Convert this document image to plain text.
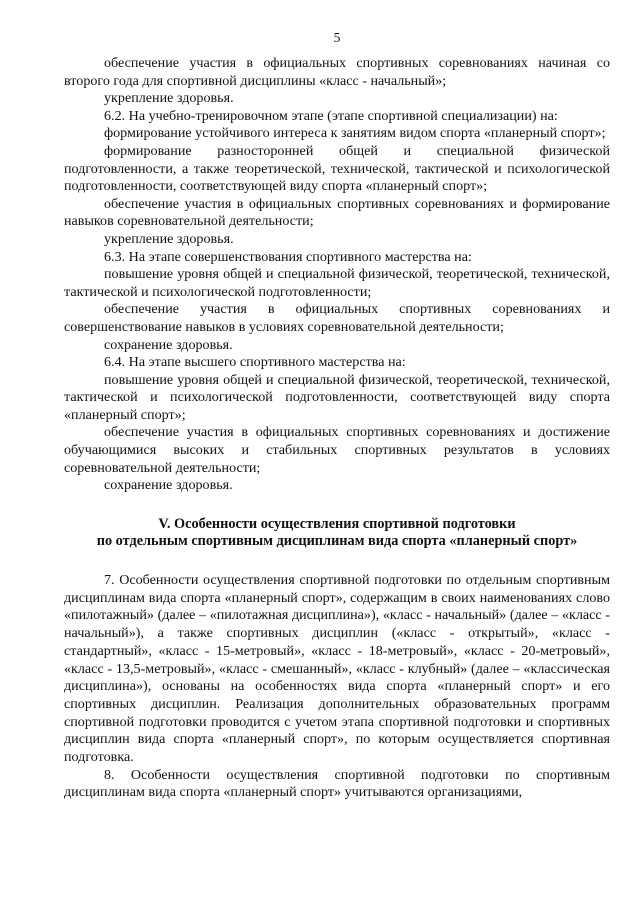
5

обеспечение участия в официальных спортивных соревнованиях начиная со второго года для спортивной дисциплины «класс - начальный»;

укрепление здоровья.

6.2. На учебно-тренировочном этапе (этапе спортивной специализации) на:

формирование устойчивого интереса к занятиям видом спорта «планерный спорт»;

формирование разносторонней общей и специальной физической подготовленности, а также теоретической, технической, тактической и психологической подготовленности, соответствующей виду спорта «планерный спорт»;

обеспечение участия в официальных спортивных соревнованиях и формирование навыков соревновательной деятельности;

укрепление здоровья.

6.3. На этапе совершенствования спортивного мастерства на:

повышение уровня общей и специальной физической, теоретической, технической, тактической и психологической подготовленности;

обеспечение участия в официальных спортивных соревнованиях и совершенствование навыков в условиях соревновательной деятельности;

сохранение здоровья.

6.4. На этапе высшего спортивного мастерства на:

повышение уровня общей и специальной физической, теоретической, технической, тактической и психологической подготовленности, соответствующей виду спорта «планерный спорт»;

обеспечение участия в официальных спортивных соревнованиях и достижение обучающимися высоких и стабильных спортивных результатов в условиях соревновательной деятельности;

сохранение здоровья.

V. Особенности осуществления спортивной подготовки
по отдельным спортивным дисциплинам вида спорта «планерный спорт»

7. Особенности осуществления спортивной подготовки по отдельным спортивным дисциплинам вида спорта «планерный спорт», содержащим в своих наименованиях слово «пилотажный» (далее – «пилотажная дисциплина»), «класс - начальный» (далее – «класс - начальный»), а также спортивных дисциплин («класс - открытый», «класс - стандартный», «класс - 15-метровый», «класс - 18-метровый», «класс - 20-метровый», «класс - 13,5-метровый», «класс - смешанный», «класс - клубный» (далее – «классическая дисциплина»), основаны на особенностях вида спорта «планерный спорт» и его спортивных дисциплин. Реализация дополнительных образовательных программ спортивной подготовки проводится с учетом этапа спортивной подготовки и спортивных дисциплин вида спорта «планерный спорт», по которым осуществляется спортивная подготовка.

8. Особенности осуществления спортивной подготовки по спортивным дисциплинам вида спорта «планерный спорт» учитываются организациями,
